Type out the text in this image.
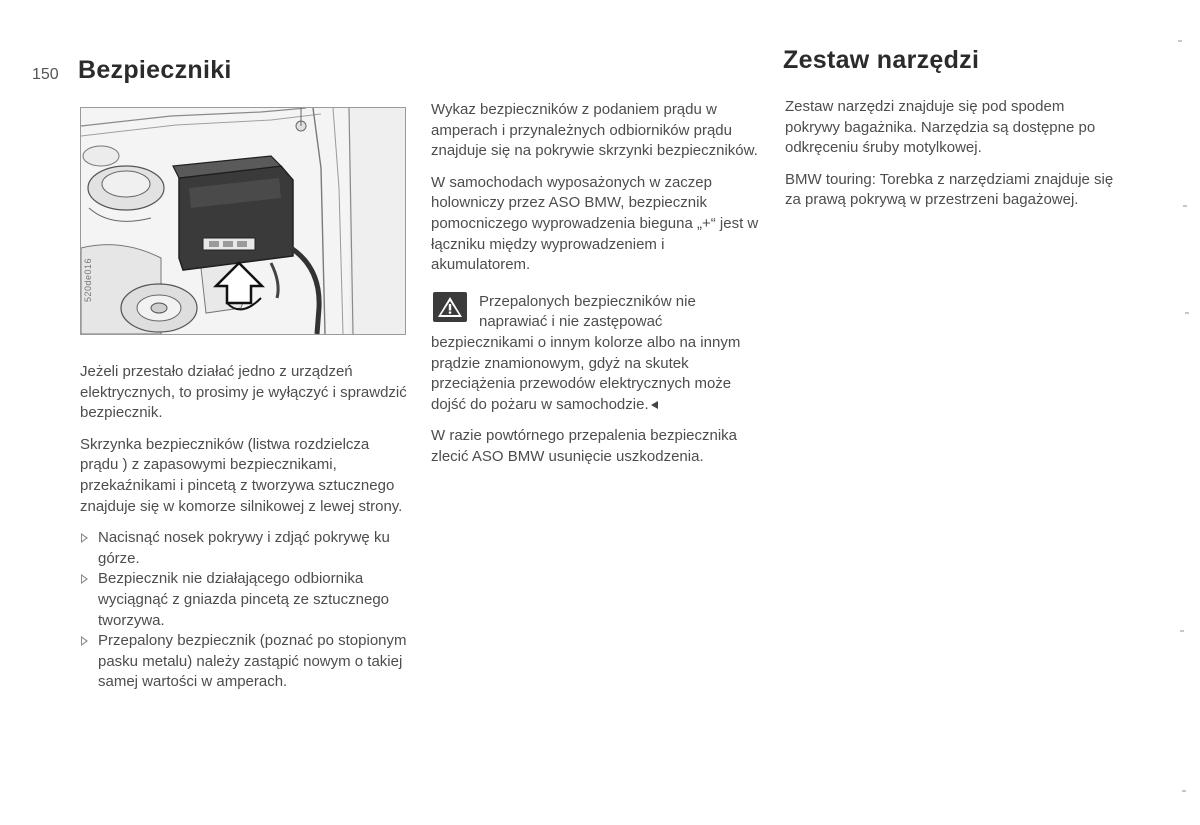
150 Bezpieczniki	Zestaw narzędzi
520de016

Jeżeli przestało działać jedno z urządzeń elektrycznych, to prosimy je wyłączyć i sprawdzić bezpiecznik.

Skrzynka bezpieczników (listwa rozdzielcza prądu ) z zapasowymi bezpiecznikami, przekaźnikami i pincetą z tworzywa sztucznego znajduje się w komorze silnikowej z lewej strony.

Nacisnąć nosek pokrywy i zdjąć pokrywę ku górze.
Bezpiecznik nie działającego odbiornika wyciągnąć z gniazda pincetą ze sztucznego tworzywa.
Przepalony bezpiecznik (poznać po stopionym pasku metalu) należy zastąpić nowym o takiej samej wartości w amperach.

Wykaz bezpieczników z podaniem prądu w amperach i przynależnych odbiorników prądu znajduje się na pokrywie skrzynki bezpieczników.

W samochodach wyposażonych w zaczep holowniczy przez ASO BMW, bezpiecznik pomocniczego wyprowadzenia bieguna „+“ jest w łączniku między wyprowadzeniem i akumulatorem.

Przepalonych bezpieczników nie naprawiać i nie zastępować bezpiecznikami o innym kolorze albo na innym prądzie znamionowym, gdyż na skutek przeciążenia przewodów elektrycznych może dojść do pożaru w samochodzie.

W razie powtórnego przepalenia bezpiecznika zlecić ASO BMW usunięcie uszkodzenia.

Zestaw narzędzi znajduje się pod spodem pokrywy bagażnika. Narzędzia są dostępne po odkręceniu śruby motylkowej.

BMW touring: Torebka z narzędziami znajduje się za prawą pokrywą w przestrzeni bagażowej.
